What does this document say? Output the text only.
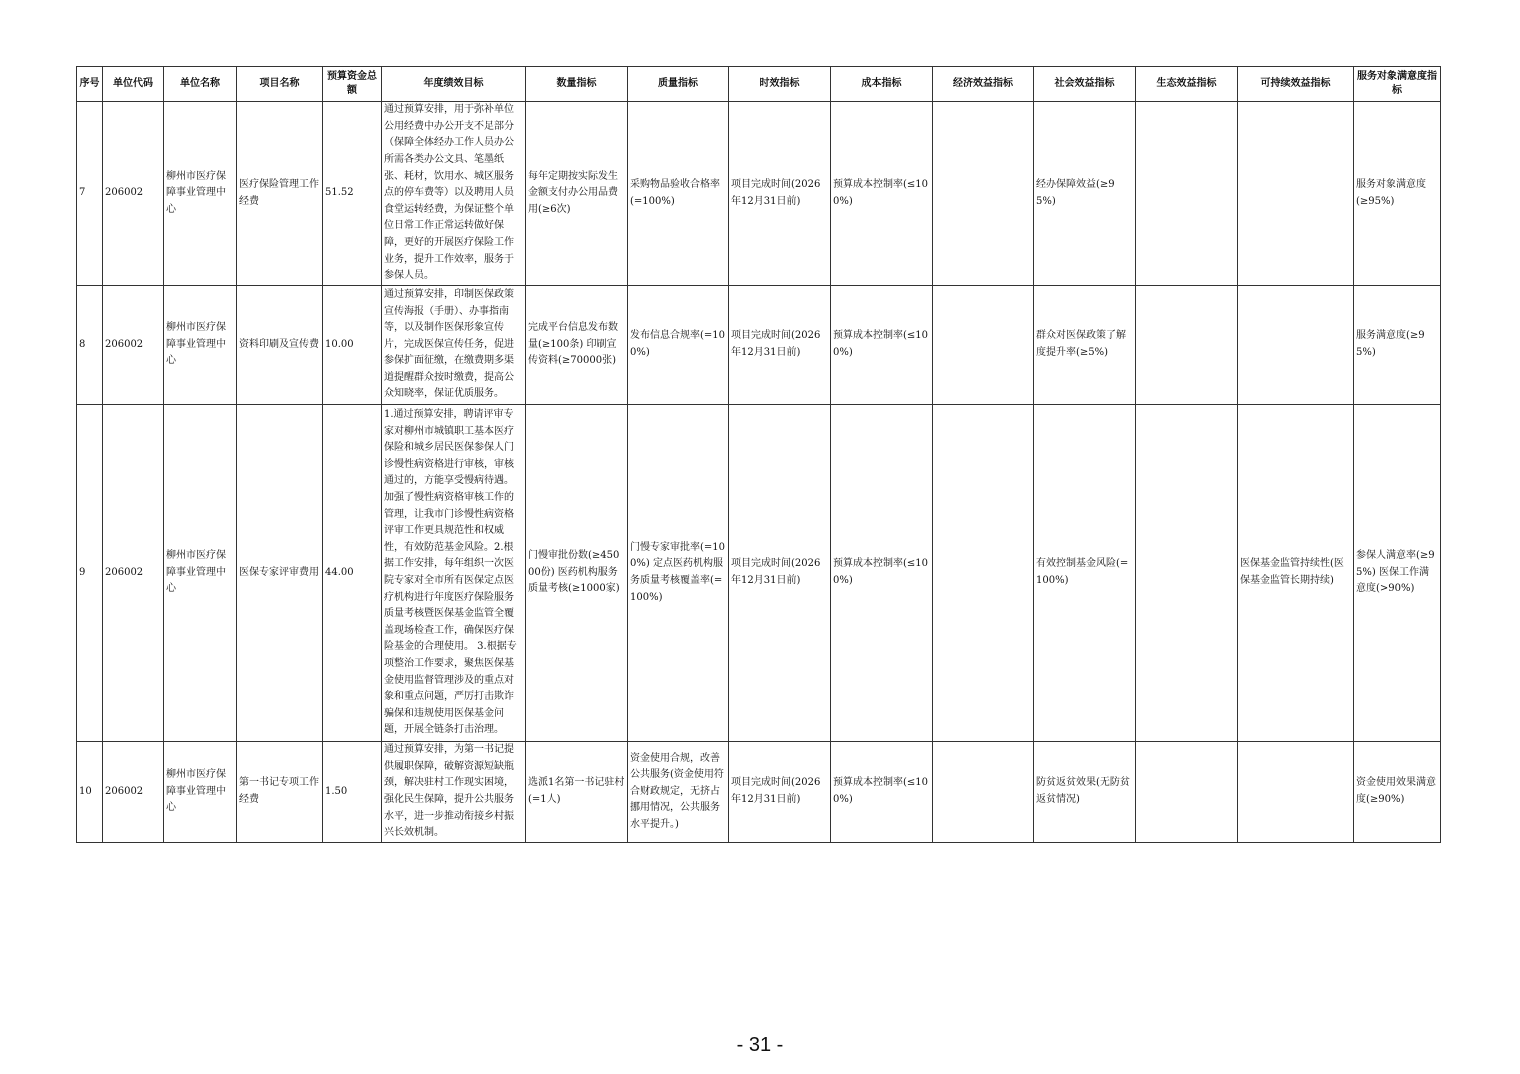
序号	单位代码	单位名称	项目名称	预算资金总额	年度绩效目标	数量指标	质量指标	时效指标	成本指标	经济效益指标	社会效益指标	生态效益指标	可持续效益指标	服务对象满意度指标
7	206002	柳州市医疗保障事业管理中心	医疗保险管理工作经费	51.52	通过预算安排，用于弥补单位公用经费中办公开支不足部分（保障全体经办工作人员办公所需各类办公文具、笔墨纸张、耗材，饮用水、城区服务点的停车费等）以及聘用人员食堂运转经费，为保证整个单位日常工作正常运转做好保障，更好的开展医疗保险工作业务，提升工作效率，服务于参保人员。	每年定期按实际发生金额支付办公用品费用(≥6次)	采购物品验收合格率(=100%)	项目完成时间(2026年12月31日前)	预算成本控制率(≤100%)		经办保障效益(≥95%)			服务对象满意度(≥95%)
8	206002	柳州市医疗保障事业管理中心	资料印刷及宣传费	10.00	通过预算安排，印制医保政策宣传海报（手册）、办事指南等，以及制作医保形象宣传片，完成医保宣传任务，促进参保扩面征缴，在缴费期多渠道提醒群众按时缴费，提高公众知晓率，保证优质服务。	完成平台信息发布数量(≥100条) 印刷宣传资料(≥70000张)	发布信息合规率(=100%)	项目完成时间(2026年12月31日前)	预算成本控制率(≤100%)		群众对医保政策了解度提升率(≥5%)			服务满意度(≥95%)
9	206002	柳州市医疗保障事业管理中心	医保专家评审费用	44.00	1.通过预算安排，聘请评审专家对柳州市城镇职工基本医疗保险和城乡居民医保参保人门诊慢性病资格进行审核，审核通过的，方能享受慢病待遇。加强了慢性病资格审核工作的管理，让我市门诊慢性病资格评审工作更具规范性和权威性，有效防范基金风险。2.根据工作安排，每年组织一次医院专家对全市所有医保定点医疗机构进行年度医疗保险服务质量考核暨医保基金监管全覆盖现场检查工作，确保医疗保险基金的合理使用。 3.根据专项整治工作要求，聚焦医保基金使用监督管理涉及的重点对象和重点问题，严厉打击欺诈骗保和违规使用医保基金问题，开展全链条打击治理。	门慢审批份数(≥45000份) 医药机构服务质量考核(≥1000家)	门慢专家审批率(=100%) 定点医药机构服务质量考核覆盖率(=100%)	项目完成时间(2026年12月31日前)	预算成本控制率(≤100%)		有效控制基金风险(=100%)		医保基金监管持续性(医保基金监管长期持续)	参保人满意率(≥95%) 医保工作满意度(>90%)
10	206002	柳州市医疗保障事业管理中心	第一书记专项工作经费	1.50	通过预算安排，为第一书记提供履职保障，破解资源短缺瓶颈，解决驻村工作现实困境，强化民生保障，提升公共服务水平，进一步推动衔接乡村振兴长效机制。	选派1名第一书记驻村(=1人)	资金使用合规，改善公共服务(资金使用符合财政规定，无挤占挪用情况，公共服务水平提升。)	项目完成时间(2026年12月31日前)	预算成本控制率(≤100%)		防贫返贫效果(无防贫返贫情况)			资金使用效果满意度(≥90%)
- 31 -
